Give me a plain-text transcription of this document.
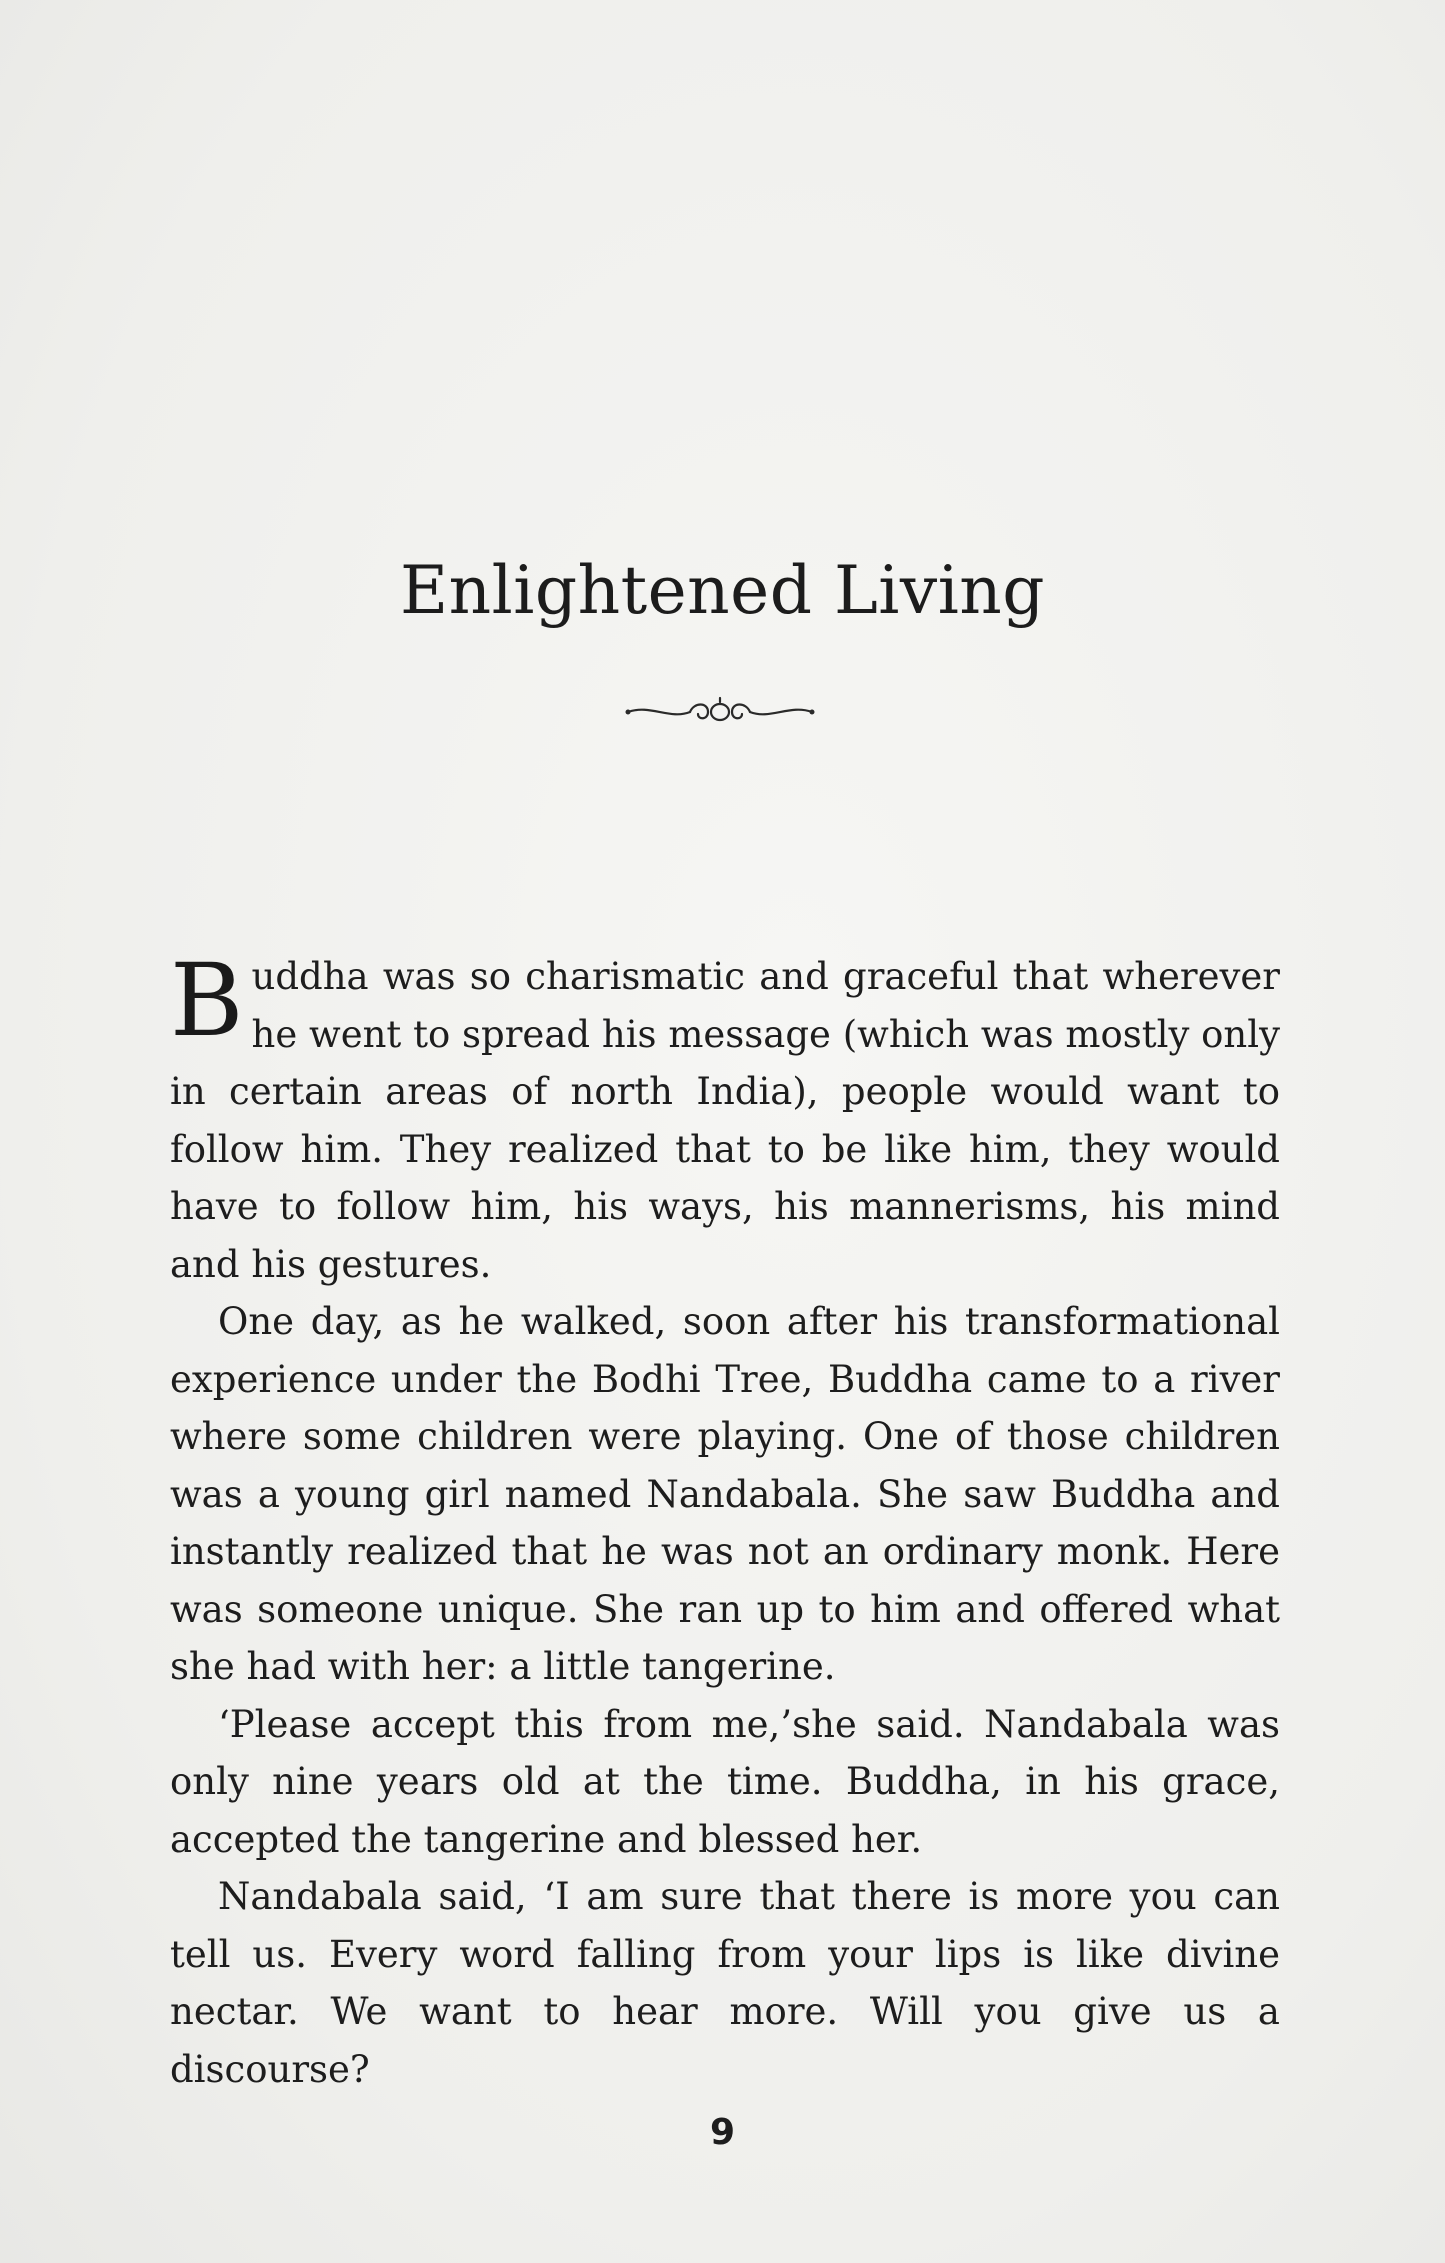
Enlightened Living

Buddha was so charismatic and graceful that wherever he went to spread his message (which was mostly only in certain areas of north India), people would want to follow him. They realized that to be like him, they would have to follow him, his ways, his mannerisms, his mind and his gestures.

One day, as he walked, soon after his transformational experience under the Bodhi Tree, Buddha came to a river where some children were playing. One of those children was a young girl named Nandabala. She saw Buddha and instantly realized that he was not an ordinary monk. Here was someone unique. She ran up to him and offered what she had with her: a little tangerine.

‘Please accept this from me,’she said. Nandabala was only nine years old at the time. Buddha, in his grace, accepted the tangerine and blessed her.

Nandabala said, ‘I am sure that there is more you can tell us. Every word falling from your lips is like divine nectar. We want to hear more. Will you give us a discourse?

9
